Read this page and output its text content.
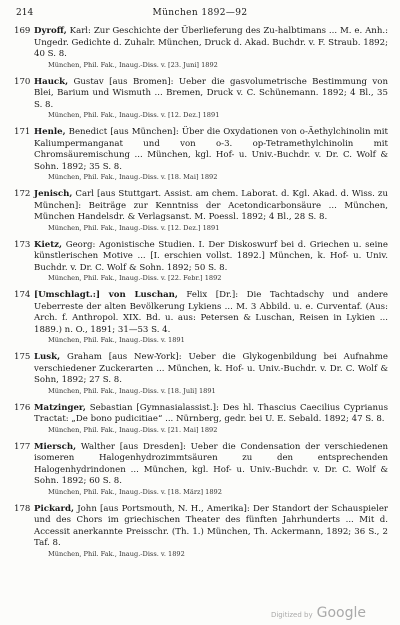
214	München 1892—92
169 Dyroff, Karl: Zur Geschichte der Überlieferung des Zu-halbtimans ... M. e. Anh.: Ungedr. Gedichte d. Zuhalr. München, Druck d. Akad. Buchdr. v. F. Straub. 1892; 40 S. 8.
München, Phil. Fak., Inaug.-Diss. v. [23. Juni] 1892
170 Hauck, Gustav [aus Bromen]: Ueber die gasvolumetrische Bestimmung von Blei, Barium und Wismuth ... Bremen, Druck v. C. Schünemann. 1892; 4 Bl., 35 S. 8.
München, Phil. Fak., Inaug.-Diss. v. [12. Dez.] 1891
171 Henle, Benedict [aus München]: Über die Oxydationen von o-Äethylchinolin mit Kaliumpermanganat und von o-3. op-Tetramethylchinolin mit Chromsäuremischung ... München, kgl. Hof- u. Univ.-Buchdr. v. Dr. C. Wolf & Sohn. 1892; 35 S. 8.
München, Phil. Fak., Inaug.-Diss. v. [18. Mai] 1892
172 Jenisch, Carl [aus Stuttgart. Assist. am chem. Laborat. d. Kgl. Akad. d. Wiss. zu München]: Beiträge zur Kenntniss der Acetondicarbonsäure ... München, München Handelsdr. & Verlagsanst. M. Poessl. 1892; 4 Bl., 28 S. 8.
München, Phil. Fak., Inaug.-Diss. v. [12. Dez.] 1891
173 Kietz, Georg: Agonistische Studien. I. Der Diskoswurf bei d. Griechen u. seine künstlerischen Motive ... [I. erschien vollst. 1892.] München, k. Hof- u. Univ. Buchdr. v. Dr. C. Wolf & Sohn. 1892; 50 S. 8.
München, Phil. Fak., Inaug.-Diss. v. [22. Febr.] 1892
174 [Umschlagt.:] von Luschan, Felix [Dr.]: Die Tachtadschy und andere Ueberreste der alten Bevölkerung Lykiens ... M. 3 Abbild. u. e. Curventaf. (Aus: Arch. f. Anthropol. XIX. Bd. u. aus: Petersen & Luschan, Reisen in Lykien ... 1889.) n. O., 1891; 31—53 S. 4.
München, Phil. Fak., Inaug.-Diss. v. 1891
175 Lusk, Graham [aus New-York]: Ueber die Glykogenbildung bei Aufnahme verschiedener Zuckerarten ... München, k. Hof- u. Univ.-Buchdr. v. Dr. C. Wolf & Sohn, 1892; 27 S. 8.
München, Phil. Fak., Inaug.-Diss. v. [18. Juli] 1891
176 Matzinger, Sebastian [Gymnasialassist.]: Des hl. Thascius Caecilius Cyprianus Tractat: „De bono pudicitiae“ ... Nürnberg, gedr. bei U. E. Sebald. 1892; 47 S. 8.
München, Phil. Fak., Inaug.-Diss. v. [21. Mai] 1892
177 Miersch, Walther [aus Dresden]: Ueber die Condensation der verschiedenen isomeren Halogenhydrozimmtsäuren zu den entsprechenden Halogenhydrindonen ... München, kgl. Hof- u. Univ.-Buchdr. v. Dr. C. Wolf & Sohn. 1892; 60 S. 8.
München, Phil. Fak., Inaug.-Diss. v. [18. März] 1892
178 Pickard, John [aus Portsmouth, N. H., Amerika]: Der Standort der Schauspieler und des Chors im griechischen Theater des fünften Jahrhunderts ... Mit d. Accessit anerkannte Preisschr. (Th. 1.) München, Th. Ackermann, 1892; 36 S., 2 Taf. 8.
München, Phil. Fak., Inaug.-Diss. v. 1892
Digitized by Google
